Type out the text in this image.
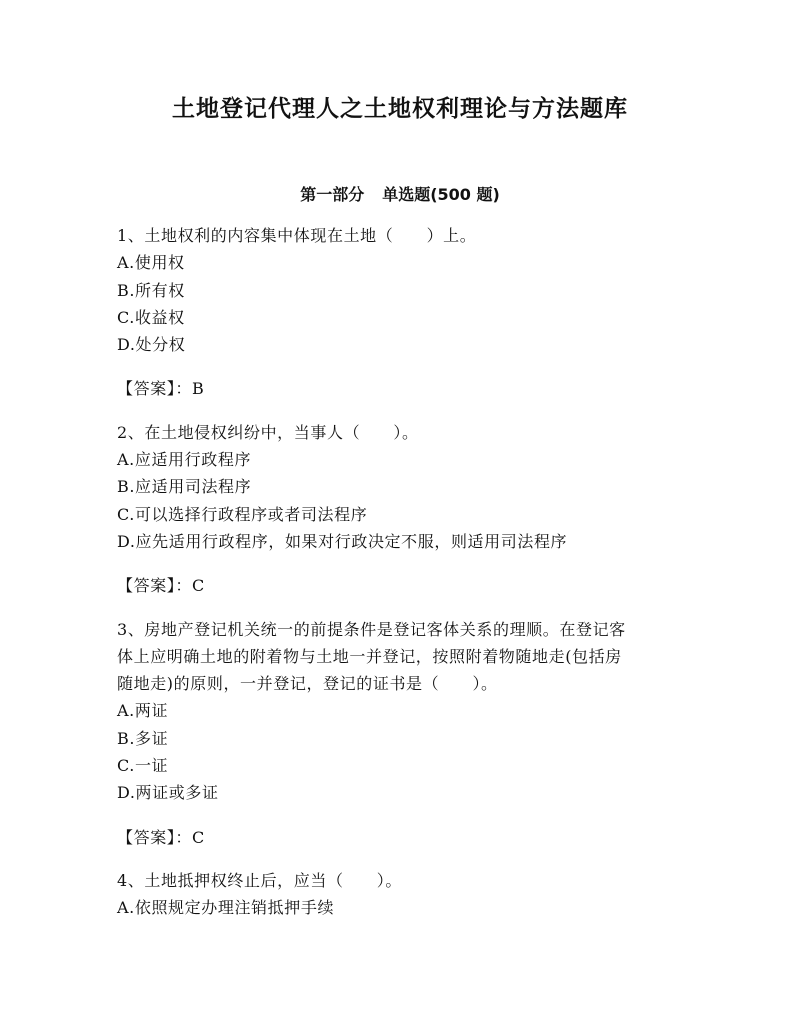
土地登记代理人之土地权利理论与方法题库
第一部分 单选题(500 题)

1、土地权利的内容集中体现在土地（　　）上。

A.使用权

B.所有权

C.收益权

D.处分权

【答案】：B

2、在土地侵权纠纷中，当事人（　　）。

A.应适用行政程序

B.应适用司法程序

C.可以选择行政程序或者司法程序

D.应先适用行政程序，如果对行政决定不服，则适用司法程序

【答案】：C

3、房地产登记机关统一的前提条件是登记客体关系的理顺。在登记客

体上应明确土地的附着物与土地一并登记，按照附着物随地走(包括房

随地走)的原则，一并登记，登记的证书是（　　）。

A.两证

B.多证

C.一证

D.两证或多证

【答案】：C

4、土地抵押权终止后，应当（　　）。

A.依照规定办理注销抵押手续
